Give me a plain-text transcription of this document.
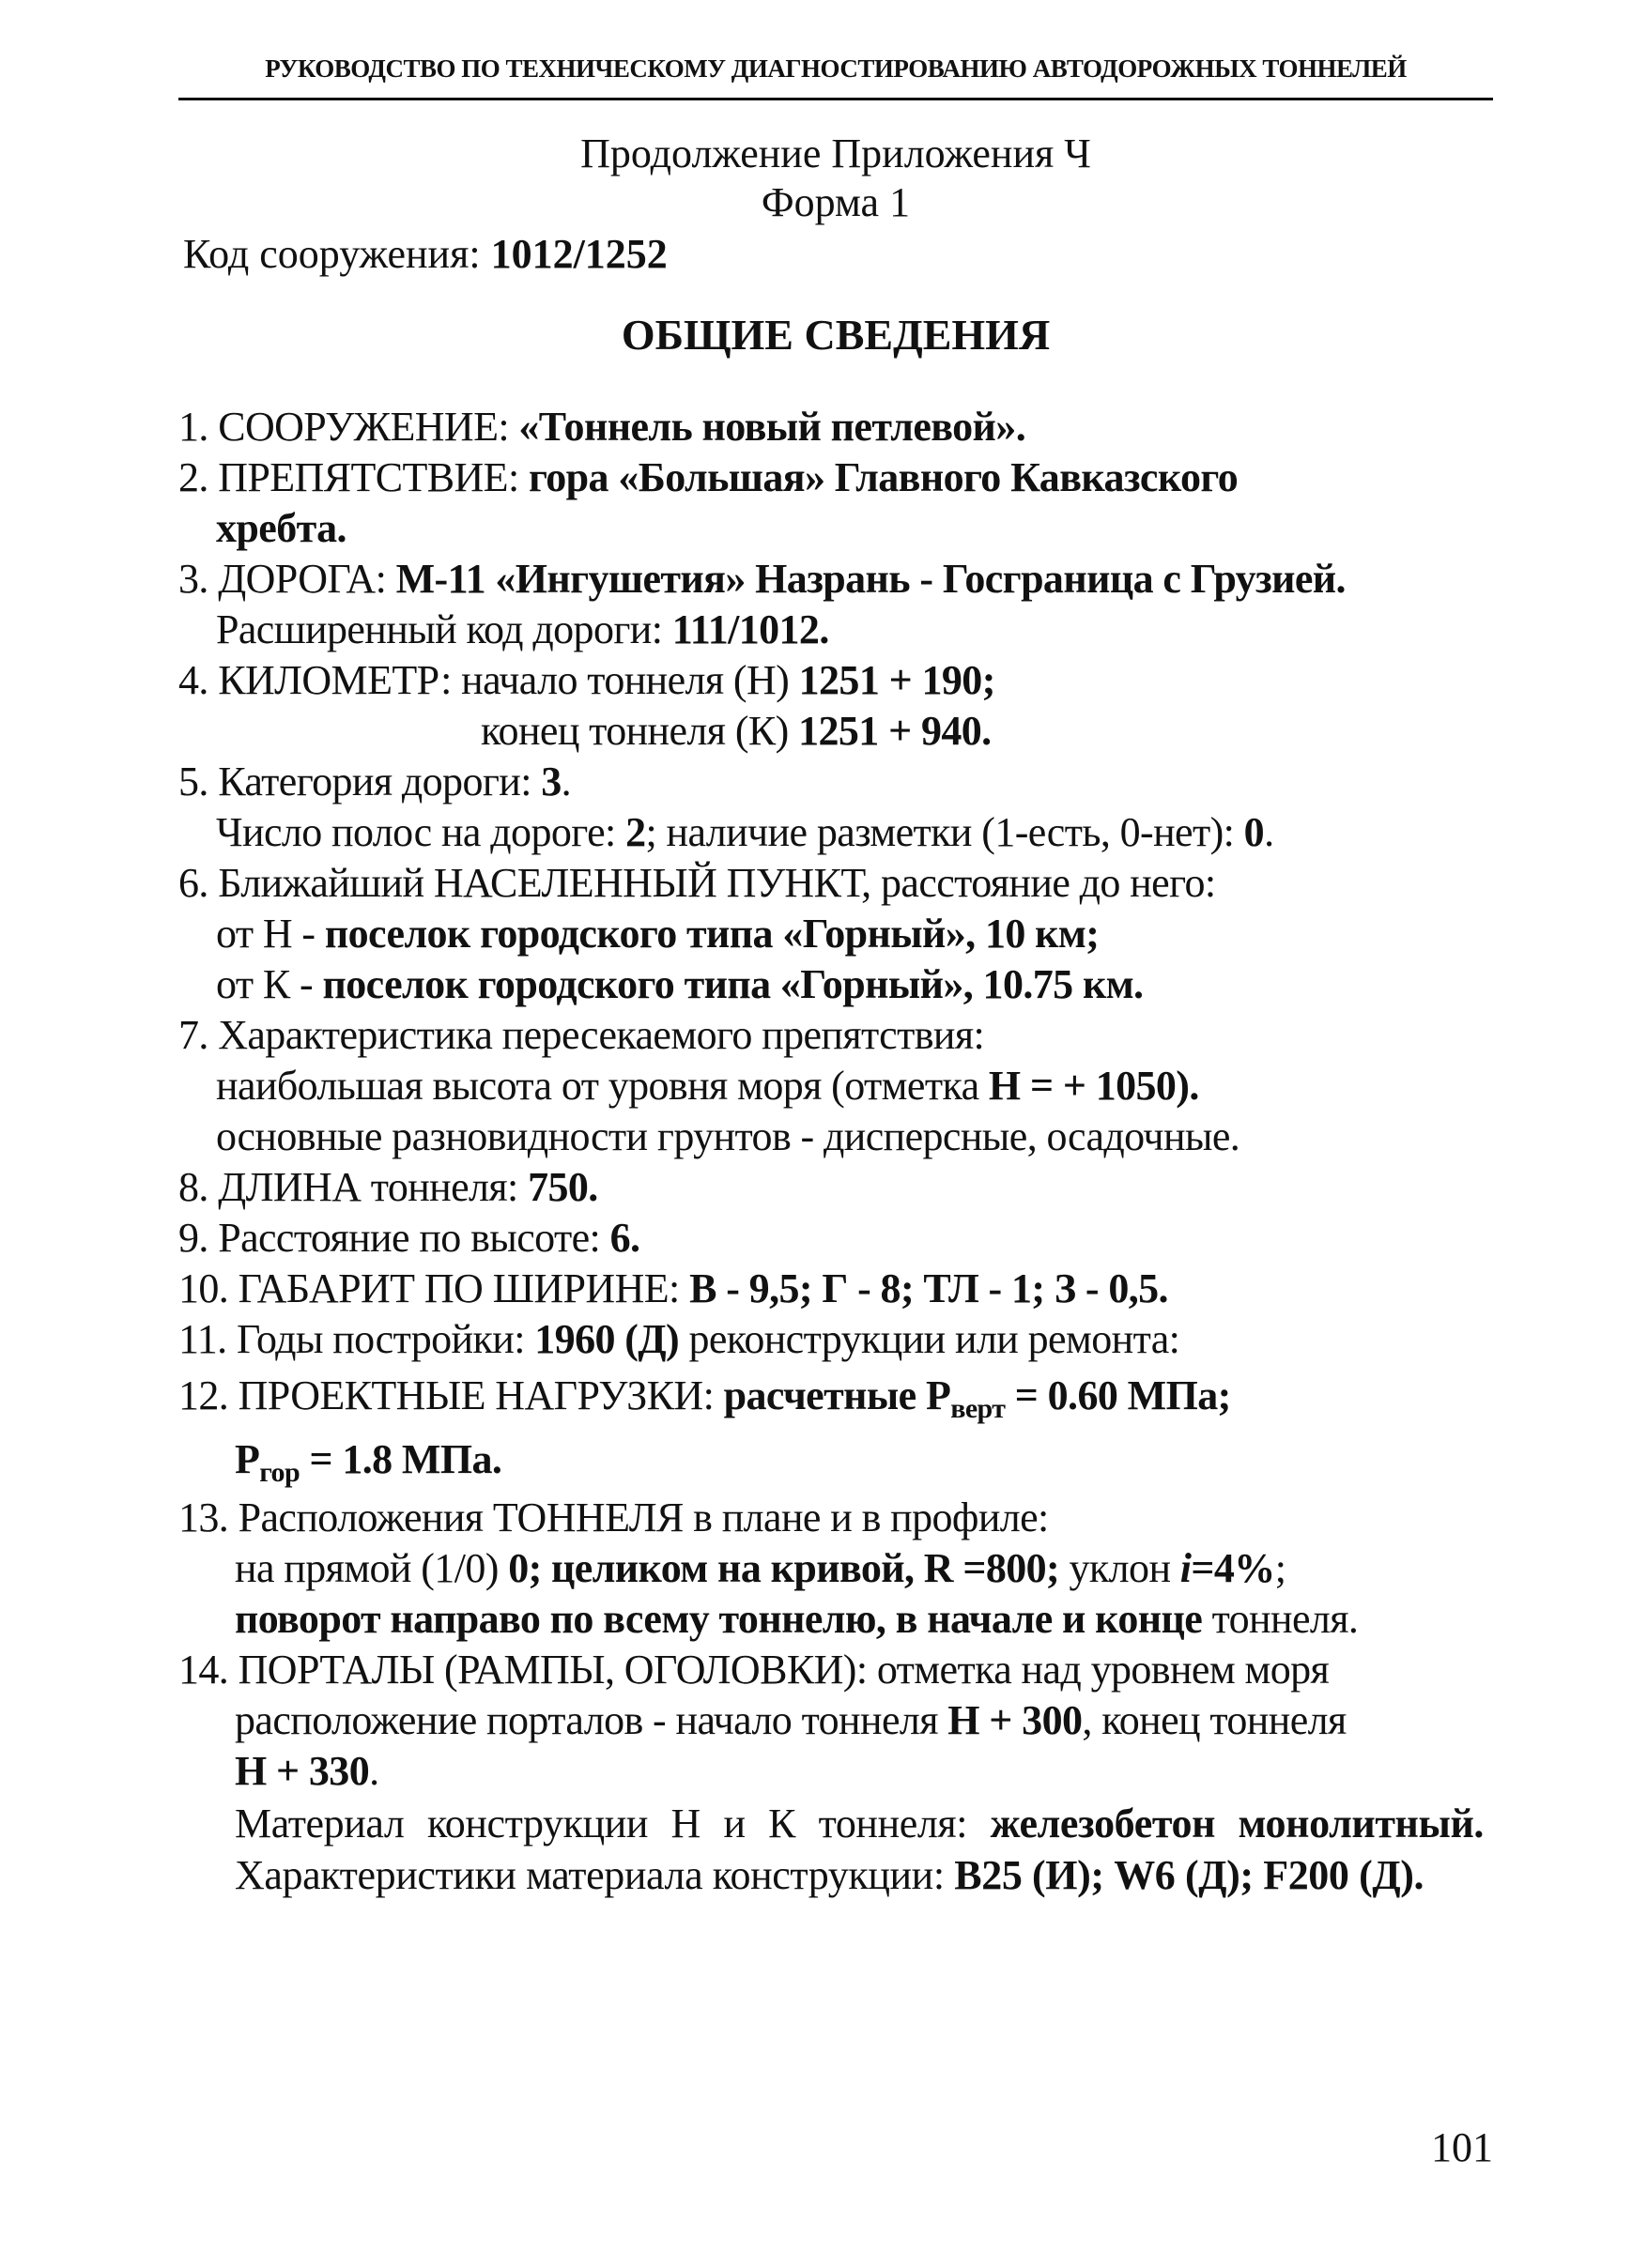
РУКОВОДСТВО ПО ТЕХНИЧЕСКОМУ ДИАГНОСТИРОВАНИЮ АВТОДОРОЖНЫХ ТОННЕЛЕЙ
Продолжение Приложения Ч
Форма 1
Код сооружения: 1012/1252
ОБЩИЕ СВЕДЕНИЯ
1. СООРУЖЕНИЕ: «Тоннель новый петлевой».
2. ПРЕПЯТСТВИЕ: гора «Большая» Главного Кавказского
хребта.
3. ДОРОГА: М-11 «Ингушетия» Назрань - Госграница с Грузией.
Расширенный код дороги: 111/1012.
4. КИЛОМЕТР: начало тоннеля (Н) 1251 + 190;
конец тоннеля (К) 1251 + 940.
5. Категория дороги: 3.
Число полос на дороге: 2; наличие разметки (1-есть, 0-нет): 0.
6. Ближайший НАСЕЛЕННЫЙ ПУНКТ, расстояние до него:
от Н - поселок городского типа «Горный», 10 км;
от К - поселок городского типа «Горный», 10.75 км.
7. Характеристика пересекаемого препятствия:
наибольшая высота от уровня моря (отметка Н = + 1050).
основные разновидности грунтов - дисперсные, осадочные.
8. ДЛИНА тоннеля: 750.
9. Расстояние по высоте: 6.
10. ГАБАРИТ ПО ШИРИНЕ: В - 9,5; Г - 8; ТЛ - 1; З - 0,5.
11. Годы постройки: 1960 (Д) реконструкции или ремонта:
12. ПРОЕКТНЫЕ НАГРУЗКИ: расчетные $Р_{верт} = 0.60$ МПа;
$Р_{гор} = 1.8$ МПа.
13. Расположения ТОННЕЛЯ в плане и в профиле:
на прямой (1/0) 0; целиком на кривой, R =800; уклон i=4%;
поворот направо по всему тоннелю, в начале и конце тоннеля.
14. ПОРТАЛЫ (РАМПЫ, ОГОЛОВКИ): отметка над уровнем моря
расположение порталов - начало тоннеля Н + 300, конец тоннеля
Н + 330.
Материал конструкции Н и К тоннеля: железобетон монолитный. Характеристики материала конструкции: В25 (И); W6 (Д); F200 (Д).
101
